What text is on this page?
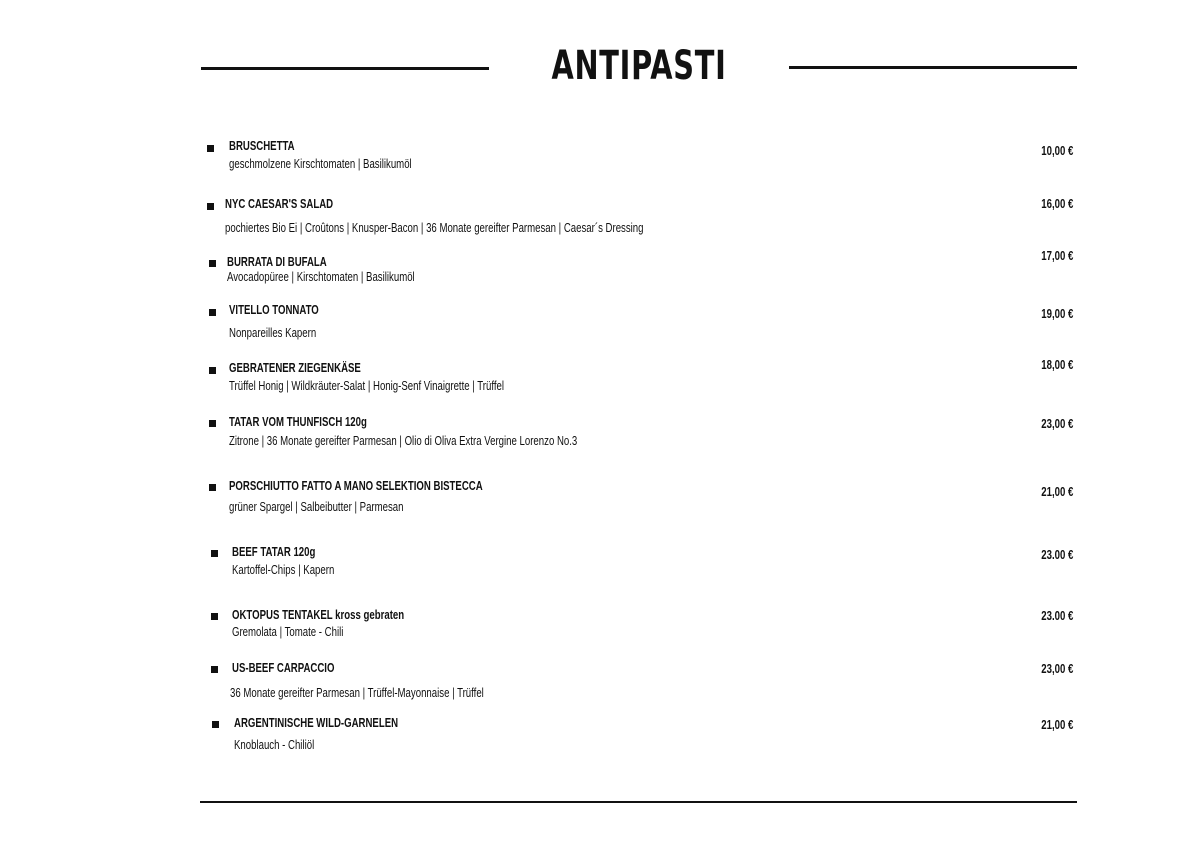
ANTIPASTI
BRUSCHETTA
geschmolzene Kirschtomaten | Basilikumöl
10,00 €
NYC CAESAR'S SALAD
pochiertes Bio Ei | Croûtons | Knusper-Bacon | 36 Monate gereifter Parmesan | Caesar´s Dressing
16,00 €
BURRATA DI BUFALA
Avocadopüree | Kirschtomaten | Basilikumöl
17,00 €
VITELLO TONNATO
Nonpareilles Kapern
19,00 €
GEBRATENER ZIEGENKÄSE
Trüffel Honig | Wildkräuter-Salat | Honig-Senf Vinaigrette | Trüffel
18,00 €
TATAR VOM THUNFISCH 120g
Zitrone | 36 Monate gereifter Parmesan | Olio di Oliva Extra Vergine Lorenzo No.3
23,00 €
PORSCHIUTTO FATTO A MANO SELEKTION BISTECCA
grüner Spargel | Salbeibutter | Parmesan
21,00 €
BEEF TATAR 120g
Kartoffel-Chips | Kapern
23.00 €
OKTOPUS TENTAKEL kross gebraten
Gremolata | Tomate - Chili
23.00 €
US-BEEF CARPACCIO
36 Monate gereifter Parmesan | Trüffel-Mayonnaise | Trüffel
23,00 €
ARGENTINISCHE WILD-GARNELEN
Knoblauch - Chiliöl
21,00 €
